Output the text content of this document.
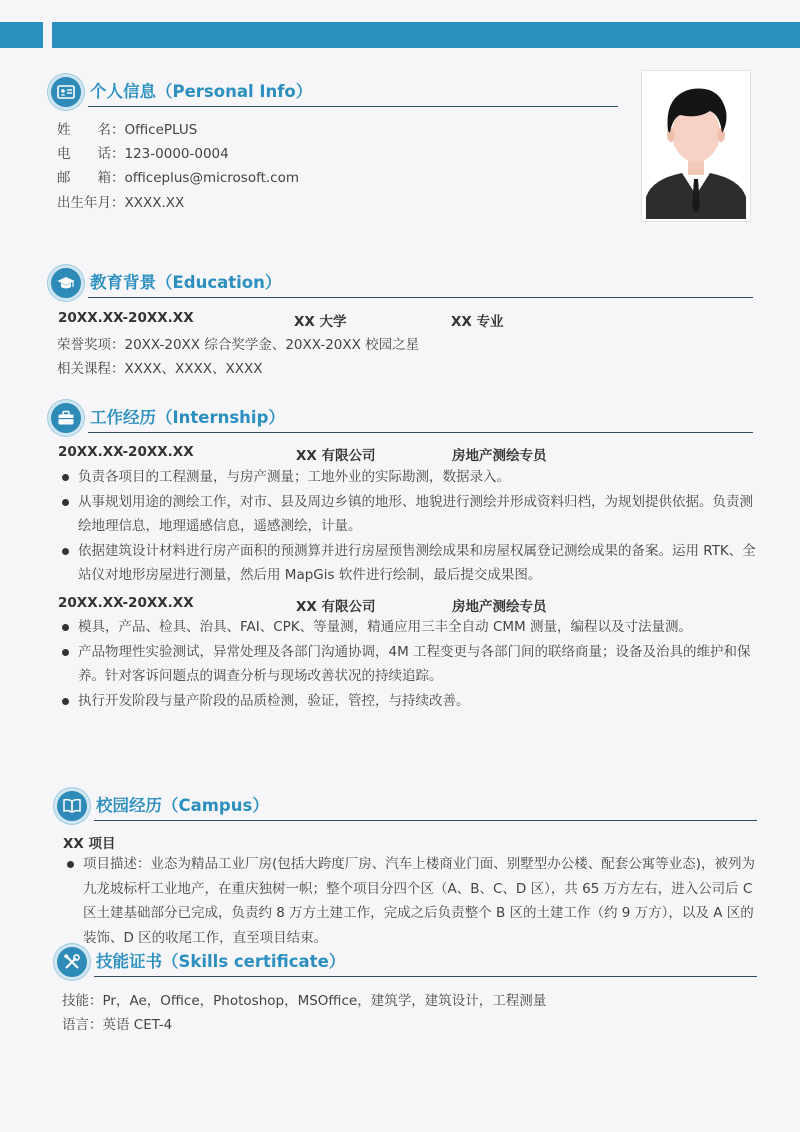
个人信息（Personal Info）
姓　　名：OfficePLUS
电　　话：123-0000-0004
邮　　箱：officeplus@microsoft.com
出生年月：XXXX.XX
教育背景（Education）
20XX.XX-20XX.XX	XX 大学	XX 专业
荣誉奖项：20XX-20XX 综合奖学金、20XX-20XX 校园之星
相关课程：XXXX、XXXX、XXXX
工作经历（Internship）
20XX.XX-20XX.XX	XX 有限公司	房地产测绘专员
负责各项目的工程测量，与房产测量；工地外业的实际勘测，数据录入。
从事规划用途的测绘工作，对市、县及周边乡镇的地形、地貌进行测绘并形成资料归档，为规划提供依据。负责测绘地理信息，地理遥感信息，遥感测绘，计量。
依据建筑设计材料进行房产面积的预测算并进行房屋预售测绘成果和房屋权属登记测绘成果的备案。运用 RTK、全站仪对地形房屋进行测量，然后用 MapGis 软件进行绘制，最后提交成果图。
20XX.XX-20XX.XX	XX 有限公司	房地产测绘专员
模具，产品、检具、治具、FAI、CPK、等量测，精通应用三丰全自动 CMM 测量，编程以及寸法量测。
产品物理性实验测试，异常处理及各部门沟通协调，4M 工程变更与各部门间的联络商量；设备及治具的维护和保养。针对客诉问题点的调查分析与现场改善状况的持续追踪。
执行开发阶段与量产阶段的品质检测，验证，管控，与持续改善。
校园经历（Campus）
XX 项目
项目描述：业态为精品工业厂房(包括大跨度厂房、汽车上楼商业门面、别墅型办公楼、配套公寓等业态)，被列为九龙坡标杆工业地产，在重庆独树一帜；整个项目分四个区（A、B、C、D 区），共 65 万方左右，进入公司后 C 区土建基础部分已完成，负责约 8 万方土建工作，完成之后负责整个 B 区的土建工作（约 9 万方），以及 A 区的装饰、D 区的收尾工作，直至项目结束。
技能证书（Skills certificate）
技能：Pr，Ae，Office，Photoshop，MSOffice，建筑学，建筑设计，工程测量
语言：英语 CET-4
